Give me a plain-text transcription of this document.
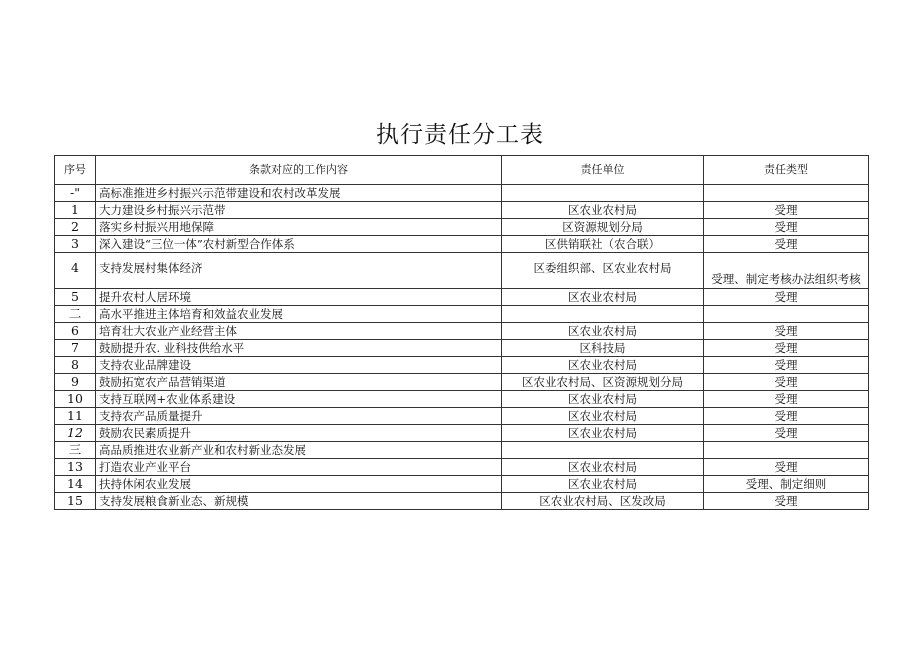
执行责任分工表
序号	条款对应的工作内容	责任单位	责任类型
-"	高标准推进乡村振兴示范带建设和农村改革发展		
1	大力建设乡村振兴示范带	区农业农村局	受理
2	落实乡村振兴用地保障	区资源规划分局	受理
3	深入建设“三位一体”农村新型合作体系	区供销联社（农合联）	受理
4	支持发展村集体经济	区委组织部、区农业农村局	受理、制定考核办法组织考核
5	提升农村人居环境	区农业农村局	受理
二	高水平推进主体培育和效益农业发展		
6	培育壮大农业产业经营主体	区农业农村局	受理
7	鼓励提升农. 业科技供给水平	区科技局	受理
8	支持农业品牌建设	区农业农村局	受理
9	鼓励拓宽农产品营销渠道	区农业农村局、区资源规划分局	受理
10	支持互联网+农业体系建设	区农业农村局	受理
11	支持农产品质量提升	区农业农村局	受理
12	鼓励农民素质提升	区农业农村局	受理
三	高品质推进农业新产业和农村新业态发展		
13	打造农业产业平台	区农业农村局	受理
14	扶持休闲农业发展	区农业农村局	受理、制定细则
15	支持发展粮食新业态、新规模	区农业农村局、区发改局	受理
